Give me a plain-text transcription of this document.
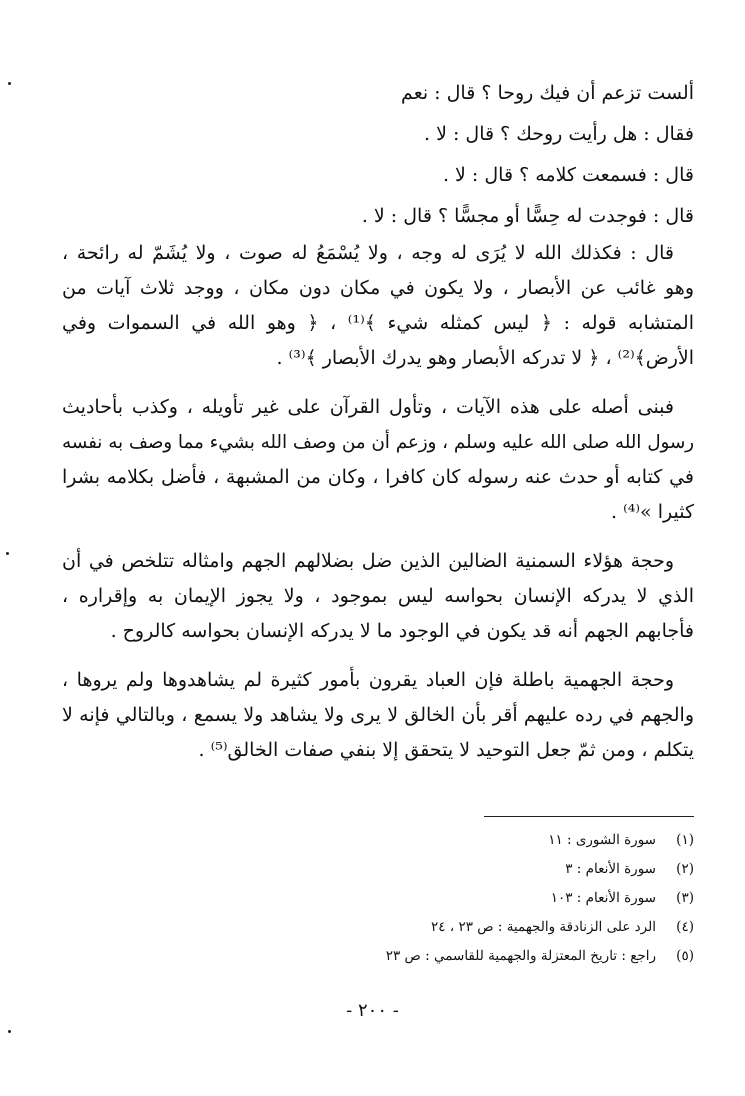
ألست تزعم أن فيك روحا ؟ قال : نعم
فقال : هل رأيت روحك ؟ قال : لا .
قال : فسمعت كلامه ؟ قال : لا .
قال : فوجدت له حِسًّا أو مجسًّا ؟ قال : لا .
قال : فكذلك الله لا يُرَى له وجه ، ولا يُسْمَعُ له صوت ، ولا يُشَمّ له رائحة ،
وهو غائب عن الأبصار ، ولا يكون في مكان دون مكان ، ووجد ثلاث آيات من
المتشابه قوله : ﴿ ليس كمثله شيء ﴾⁽¹⁾ ، ﴿ وهو الله في السموات وفي
الأرض﴾⁽²⁾ ، ﴿ لا تدركه الأبصار وهو يدرك الأبصار ﴾⁽³⁾ .
فبنى أصله على هذه الآيات ، وتأول القرآن على غير تأويله ، وكذب بأحاديث
رسول الله صلى الله عليه وسلم ، وزعم أن من وصف الله بشيء مما وصف به نفسه
في كتابه أو حدث عنه رسوله كان كافرا ، وكان من المشبهة ، فأضل بكلامه بشرا
كثيرا »⁽⁴⁾ .
وحجة هؤلاء السمنية الضالين الذين ضل بضلالهم الجهم وامثاله تتلخص في أن
الذي لا يدركه الإنسان بحواسه ليس بموجود ، ولا يجوز الإيمان به وإقراره ،
فأجابهم الجهم أنه قد يكون في الوجود ما لا يدركه الإنسان بحواسه كالروح .
وحجة الجهمية باطلة فإن العباد يقرون بأمور كثيرة لم يشاهدوها ولم يروها ،
والجهم في رده عليهم أقر بأن الخالق لا يرى ولا يشاهد ولا يسمع ، وبالتالي فإنه لا
يتكلم ، ومن ثمّ جعل التوحيد لا يتحقق إلا بنفي صفات الخالق⁽⁵⁾ .
(١)سورة الشورى : ١١
(٢)سورة الأنعام : ٣
(٣)سورة الأنعام : ١٠٣
(٤)الرد على الزنادقة والجهمية : ص ٢٣ ، ٢٤
(٥)راجع : تاريخ المعتزلة والجهمية للقاسمي : ص ٢٣
- ٢٠٠ -
